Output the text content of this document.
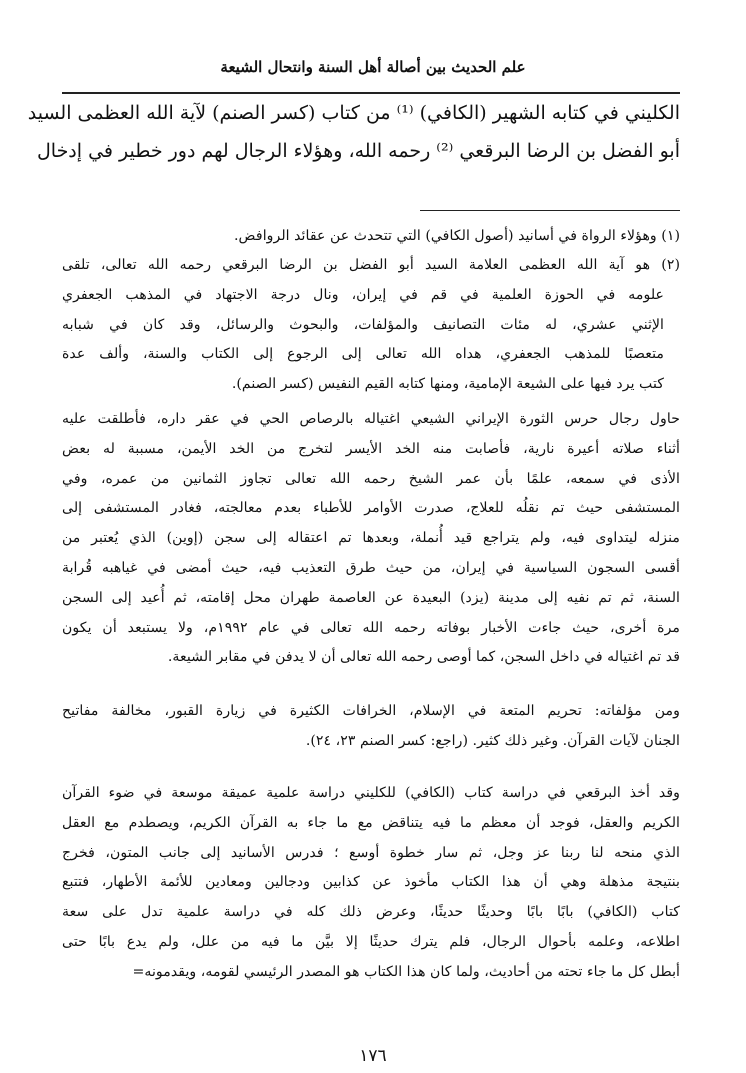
علم الحديث بين أصالة أهل السنة وانتحال الشيعة
الكليني في كتابه الشهير (الكافي) ⁽¹⁾ من كتاب (كسر الصنم) لآية الله العظمى السيد
أبو الفضل بن الرضا البرقعي ⁽²⁾ رحمه الله، وهؤلاء الرجال لهم دور خطير في إدخال
(١) وهؤلاء الرواة في أسانيد (أصول الكافي) التي تتحدث عن عقائد الروافض.
(٢) هو آية الله العظمى العلامة السيد أبو الفضل بن الرضا البرقعي رحمه الله تعالى، تلقى
علومه في الحوزة العلمية في قم في إيران، ونال درجة الاجتهاد في المذهب الجعفري
الإثني عشري، له مئات التصانيف والمؤلفات، والبحوث والرسائل، وقد كان في شبابه
متعصبًا للمذهب الجعفري، هداه الله تعالى إلى الرجوع إلى الكتاب والسنة، وألف عدة
كتب يرد فيها على الشيعة الإمامية، ومنها كتابه القيم النفيس (كسر الصنم).
حاول رجال حرس الثورة الإيراني الشيعي اغتياله بالرصاص الحي في عقر داره، فأطلقت عليه
أثناء صلاته أعيرة نارية، فأصابت منه الخد الأيسر لتخرج من الخد الأيمن، مسببة له بعض
الأذى في سمعه، علمًا بأن عمر الشيخ رحمه الله تعالى تجاوز الثمانين من عمره، وفي
المستشفى حيث تم نقلُه للعلاج، صدرت الأوامر للأطباء بعدم معالجته، فغادر المستشفى إلى
منزله ليتداوى فيه، ولم يتراجع قيد أُنملة، وبعدها تم اعتقاله إلى سجن (إوين) الذي يُعتبر من
أقسى السجون السياسية في إيران، من حيث طرق التعذيب فيه، حيث أمضى في غياهبه قُرابة
السنة، ثم تم نفيه إلى مدينة (يزد) البعيدة عن العاصمة طهران محل إقامته، ثم أُعيد إلى السجن
مرة أخرى، حيث جاءت الأخبار بوفاته رحمه الله تعالى في عام ١٩٩٢م، ولا يستبعد أن يكون
قد تم اغتياله في داخل السجن، كما أوصى رحمه الله تعالى أن لا يدفن في مقابر الشيعة.
ومن مؤلفاته: تحريم المتعة في الإسلام، الخرافات الكثيرة في زيارة القبور، مخالفة مفاتيح
الجنان لآيات القرآن. وغير ذلك كثير. (راجع: كسر الصنم ٢٣، ٢٤).
وقد أخذ البرقعي في دراسة كتاب (الكافي) للكليني دراسة علمية عميقة موسعة في ضوء القرآن
الكريم والعقل، فوجد أن معظم ما فيه يتناقض مع ما جاء به القرآن الكريم، ويصطدم مع العقل
الذي منحه لنا ربنا عز وجل، ثم سار خطوة أوسع ؛ فدرس الأسانيد إلى جانب المتون، فخرج
بنتيجة مذهلة وهي أن هذا الكتاب مأخوذ عن كذابين ودجالين ومعادين للأئمة الأطهار، فتتبع
كتاب (الكافي) بابًا بابًا وحديثًا حديثًا، وعرض ذلك كله في دراسة علمية تدل على سعة
اطلاعه، وعلمه بأحوال الرجال، فلم يترك حديثًا إلا بيَّن ما فيه من علل، ولم يدع بابًا حتى
أبطل كل ما جاء تحته من أحاديث، ولما كان هذا الكتاب هو المصدر الرئيسي لقومه، ويقدمونه=
١٧٦
